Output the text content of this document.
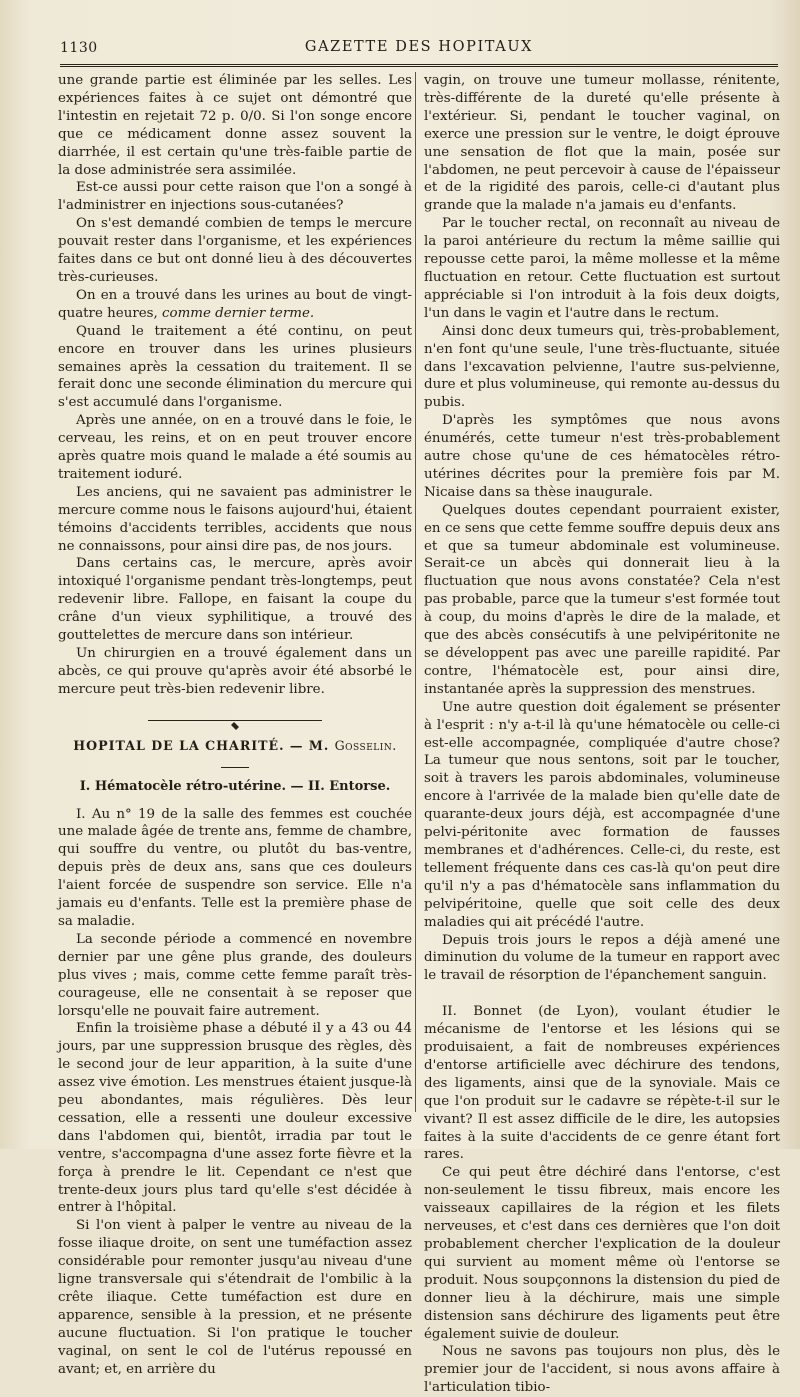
1130	GAZETTE DES HOPITAUX

une grande partie est éliminée par les selles. Les expériences faites à ce sujet ont démontré que l'intestin en rejetait 72 p. 0/0. Si l'on songe encore que ce médicament donne assez souvent la diarrhée, il est certain qu'une très-faible partie de la dose administrée sera assimilée.

Est-ce aussi pour cette raison que l'on a songé à l'administrer en injections sous-cutanées?

On s'est demandé combien de temps le mercure pouvait rester dans l'organisme, et les expériences faites dans ce but ont donné lieu à des découvertes très-curieuses.

On en a trouvé dans les urines au bout de vingt-quatre heures, comme dernier terme.

Quand le traitement a été continu, on peut encore en trouver dans les urines plusieurs semaines après la cessation du traitement. Il se ferait donc une seconde élimination du mercure qui s'est accumulé dans l'organisme.

Après une année, on en a trouvé dans le foie, le cerveau, les reins, et on en peut trouver encore après quatre mois quand le malade a été soumis au traitement ioduré.

Les anciens, qui ne savaient pas administrer le mercure comme nous le faisons aujourd'hui, étaient témoins d'accidents terribles, accidents que nous ne connaissons, pour ainsi dire pas, de nos jours.

Dans certains cas, le mercure, après avoir intoxiqué l'organisme pendant très-longtemps, peut redevenir libre. Fallope, en faisant la coupe du crâne d'un vieux syphilitique, a trouvé des gouttelettes de mercure dans son intérieur.

Un chirurgien en a trouvé également dans un abcès, ce qui prouve qu'après avoir été absorbé le mercure peut très-bien redevenir libre.

HOPITAL DE LA CHARITÉ. — M. Gosselin.
I. Hématocèle rétro-utérine. — II. Entorse.

I. Au n° 19 de la salle des femmes est couchée une malade âgée de trente ans, femme de chambre, qui souffre du ventre, ou plutôt du bas-ventre, depuis près de deux ans, sans que ces douleurs l'aient forcée de suspendre son service. Elle n'a jamais eu d'enfants. Telle est la première phase de sa maladie.

La seconde période a commencé en novembre dernier par une gêne plus grande, des douleurs plus vives ; mais, comme cette femme paraît très-courageuse, elle ne consentait à se reposer que lorsqu'elle ne pouvait faire autrement.

Enfin la troisième phase a débuté il y a 43 ou 44 jours, par une suppression brusque des règles, dès le second jour de leur apparition, à la suite d'une assez vive émotion. Les menstrues étaient jusque-là peu abondantes, mais régulières. Dès leur cessation, elle a ressenti une douleur excessive dans l'abdomen qui, bientôt, irradia par tout le ventre, s'accompagna d'une assez forte fièvre et la força à prendre le lit. Cependant ce n'est que trente-deux jours plus tard qu'elle s'est décidée à entrer à l'hôpital.

Si l'on vient à palper le ventre au niveau de la fosse iliaque droite, on sent une tuméfaction assez considérable pour remonter jusqu'au niveau d'une ligne transversale qui s'étendrait de l'ombilic à la crête iliaque. Cette tuméfaction est dure en apparence, sensible à la pression, et ne présente aucune fluctuation. Si l'on pratique le toucher vaginal, on sent le col de l'utérus repoussé en avant; et, en arrière du

vagin, on trouve une tumeur mollasse, rénitente, très-différente de la dureté qu'elle présente à l'extérieur. Si, pendant le toucher vaginal, on exerce une pression sur le ventre, le doigt éprouve une sensation de flot que la main, posée sur l'abdomen, ne peut percevoir à cause de l'épaisseur et de la rigidité des parois, celle-ci d'autant plus grande que la malade n'a jamais eu d'enfants.

Par le toucher rectal, on reconnaît au niveau de la paroi antérieure du rectum la même saillie qui repousse cette paroi, la même mollesse et la même fluctuation en retour. Cette fluctuation est surtout appréciable si l'on introduit à la fois deux doigts, l'un dans le vagin et l'autre dans le rectum.

Ainsi donc deux tumeurs qui, très-probablement, n'en font qu'une seule, l'une très-fluctuante, située dans l'excavation pelvienne, l'autre sus-pelvienne, dure et plus volumineuse, qui remonte au-dessus du pubis.

D'après les symptômes que nous avons énumérés, cette tumeur n'est très-probablement autre chose qu'une de ces hématocèles rétro-utérines décrites pour la première fois par M. Nicaise dans sa thèse inaugurale.

Quelques doutes cependant pourraient exister, en ce sens que cette femme souffre depuis deux ans et que sa tumeur abdominale est volumineuse. Serait-ce un abcès qui donnerait lieu à la fluctuation que nous avons constatée? Cela n'est pas probable, parce que la tumeur s'est formée tout à coup, du moins d'après le dire de la malade, et que des abcès consécutifs à une pelvipéritonite ne se développent pas avec une pareille rapidité. Par contre, l'hématocèle est, pour ainsi dire, instantanée après la suppression des menstrues.

Une autre question doit également se présenter à l'esprit : n'y a-t-il là qu'une hématocèle ou celle-ci est-elle accompagnée, compliquée d'autre chose? La tumeur que nous sentons, soit par le toucher, soit à travers les parois abdominales, volumineuse encore à l'arrivée de la malade bien qu'elle date de quarante-deux jours déjà, est accompagnée d'une pelvi-péritonite avec formation de fausses membranes et d'adhérences. Celle-ci, du reste, est tellement fréquente dans ces cas-là qu'on peut dire qu'il n'y a pas d'hématocèle sans inflammation du pelvipéritoine, quelle que soit celle des deux maladies qui ait précédé l'autre.

Depuis trois jours le repos a déjà amené une diminution du volume de la tumeur en rapport avec le travail de résorption de l'épanchement sanguin.

II. Bonnet (de Lyon), voulant étudier le mécanisme de l'entorse et les lésions qui se produisaient, a fait de nombreuses expériences d'entorse artificielle avec déchirure des tendons, des ligaments, ainsi que de la synoviale. Mais ce que l'on produit sur le cadavre se répète-t-il sur le vivant? Il est assez difficile de le dire, les autopsies faites à la suite d'accidents de ce genre étant fort rares.

Ce qui peut être déchiré dans l'entorse, c'est non-seulement le tissu fibreux, mais encore les vaisseaux capillaires de la région et les filets nerveuses, et c'est dans ces dernières que l'on doit probablement chercher l'explication de la douleur qui survient au moment même où l'entorse se produit. Nous soupçonnons la distension du pied de donner lieu à la déchirure, mais une simple distension sans déchirure des ligaments peut être également suivie de douleur.

Nous ne savons pas toujours non plus, dès le premier jour de l'accident, si nous avons affaire à l'articulation tibio-
